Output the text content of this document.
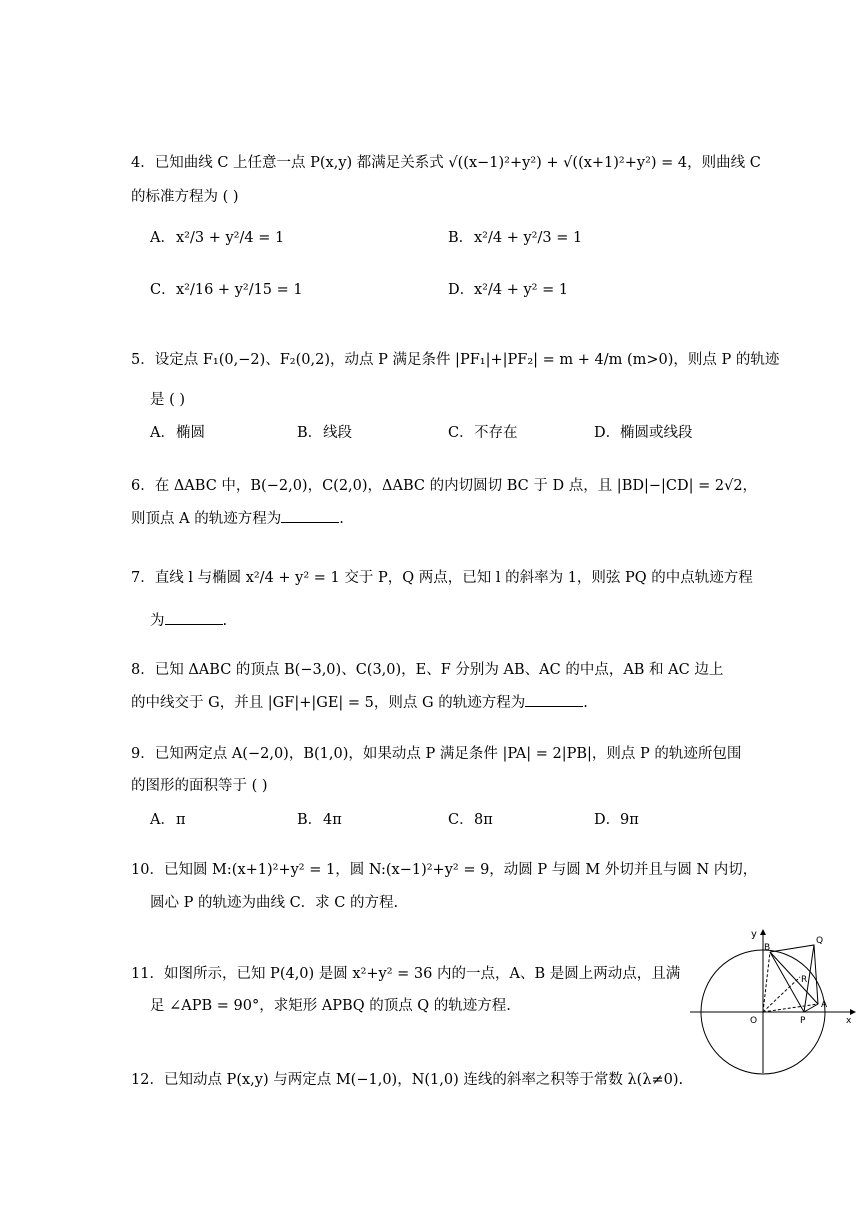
4．已知曲线 C 上任意一点 P(x,y) 都满足关系式 √((x−1)²+y²) + √((x+1)²+y²) = 4，则曲线 C
的标准方程为 ( )
A．x²/3 + y²/4 = 1	B．x²/4 + y²/3 = 1
C．x²/16 + y²/15 = 1	D．x²/4 + y² = 1
5．设定点 F₁(0,−2)、F₂(0,2)，动点 P 满足条件 |PF₁|+|PF₂| = m + 4/m (m>0)，则点 P 的轨迹
是 ( )
A．椭圆	B．线段	C．不存在	D．椭圆或线段
6．在 ΔABC 中，B(−2,0)，C(2,0)，ΔABC 的内切圆切 BC 于 D 点，且 |BD|−|CD| = 2√2，
则顶点 A 的轨迹方程为	.
7．直线 l 与椭圆 x²/4 + y² = 1 交于 P，Q 两点，已知 l 的斜率为 1，则弦 PQ 的中点轨迹方程
为	.
8．已知 ΔABC 的顶点 B(−3,0)、C(3,0)，E、F 分别为 AB、AC 的中点，AB 和 AC 边上
的中线交于 G，并且 |GF|+|GE| = 5，则点 G 的轨迹方程为	.
9．已知两定点 A(−2,0)，B(1,0)，如果动点 P 满足条件 |PA| = 2|PB|，则点 P 的轨迹所包围
的图形的面积等于 ( )
A．π	B．4π	C．8π	D．9π
10．已知圆 M:(x+1)²+y² = 1，圆 N:(x−1)²+y² = 9，动圆 P 与圆 M 外切并且与圆 N 内切，
圆心 P 的轨迹为曲线 C．求 C 的方程.
11．如图所示，已知 P(4,0) 是圆 x²+y² = 36 内的一点，A、B 是圆上两动点，且满
足 ∠APB = 90°，求矩形 APBQ 的顶点 Q 的轨迹方程.
y
B
Q
R
A
O	P	x
12．已知动点 P(x,y) 与两定点 M(−1,0)，N(1,0) 连线的斜率之积等于常数 λ(λ≠0).
